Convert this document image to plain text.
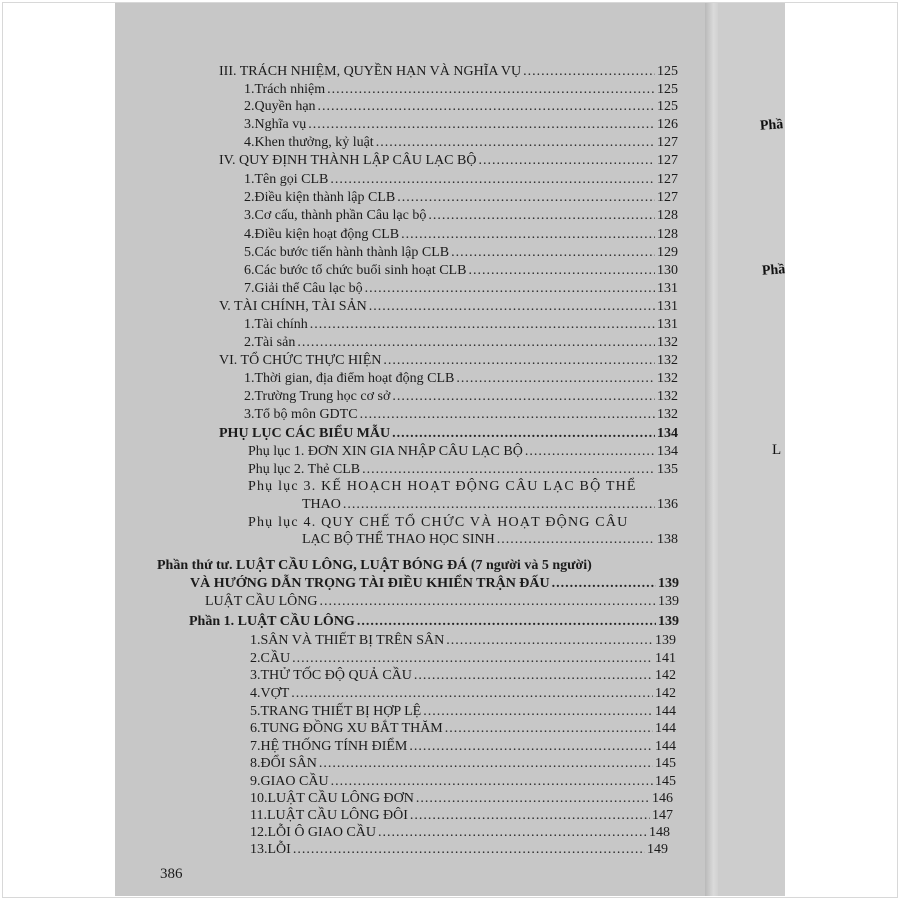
Phầ
Phầ
L
III. TRÁCH NHIỆM, QUYỀN HẠN VÀ NGHĨA VỤ .....	125
1. Trách nhiệm .....	125
2. Quyền hạn .....	125
3. Nghĩa vụ .....	126
4. Khen thưởng, kỷ luật .....	127
IV. QUY ĐỊNH THÀNH LẬP CÂU LẠC BỘ .....	127
1. Tên gọi CLB .....	127
2. Điều kiện thành lập CLB .....	127
3. Cơ cấu, thành phần Câu lạc bộ .....	128
4. Điều kiện hoạt động CLB .....	128
5. Các bước tiến hành thành lập CLB .....	129
6. Các bước tổ chức buổi sinh hoạt CLB .....	130
7. Giải thể Câu lạc bộ .....	131
V. TÀI CHÍNH, TÀI SẢN .....	131
1. Tài chính .....	131
2. Tài sản .....	132
VI. TỔ CHỨC THỰC HIỆN .....	132
1. Thời gian, địa điểm hoạt động CLB .....	132
2. Trường Trung học cơ sở .....	132
3. Tổ bộ môn GDTC .....	132
PHỤ LỤC CÁC BIỂU MẪU .....	134
Phụ lục 1. ĐƠN XIN GIA NHẬP CÂU LẠC BỘ .....	134
Phụ lục 2. Thẻ CLB .....	135
Phụ lục 3. KẾ HOẠCH HOẠT ĐỘNG CÂU LẠC BỘ THỂ
THAO .....	136
Phụ lục 4. QUY CHẾ TỔ CHỨC VÀ HOẠT ĐỘNG CÂU
LẠC BỘ THỂ THAO HỌC SINH .....	138
Phần thứ tư. LUẬT CẦU LÔNG, LUẬT BÓNG ĐÁ (7 người và 5 người)
VÀ HƯỚNG DẪN TRỌNG TÀI ĐIỀU KHIỂN TRẬN ĐẤU .....	139
LUẬT CẦU LÔNG .....	139
Phần 1. LUẬT CẦU LÔNG .....	139
1. SÂN VÀ THIẾT BỊ TRÊN SÂN .....	139
2. CẦU .....	141
3. THỬ TỐC ĐỘ QUẢ CẦU .....	142
4. VỢT .....	142
5. TRANG THIẾT BỊ HỢP LỆ .....	144
6. TUNG ĐỒNG XU BẮT THĂM .....	144
7. HỆ THỐNG TÍNH ĐIỂM .....	144
8. ĐỔI SÂN .....	145
9. GIAO CẦU .....	145
10. LUẬT CẦU LÔNG ĐƠN .....	146
11. LUẬT CẦU LÔNG ĐÔI .....	147
12. LỖI Ô GIAO CẦU .....	148
13. LỖI .....	149
386
